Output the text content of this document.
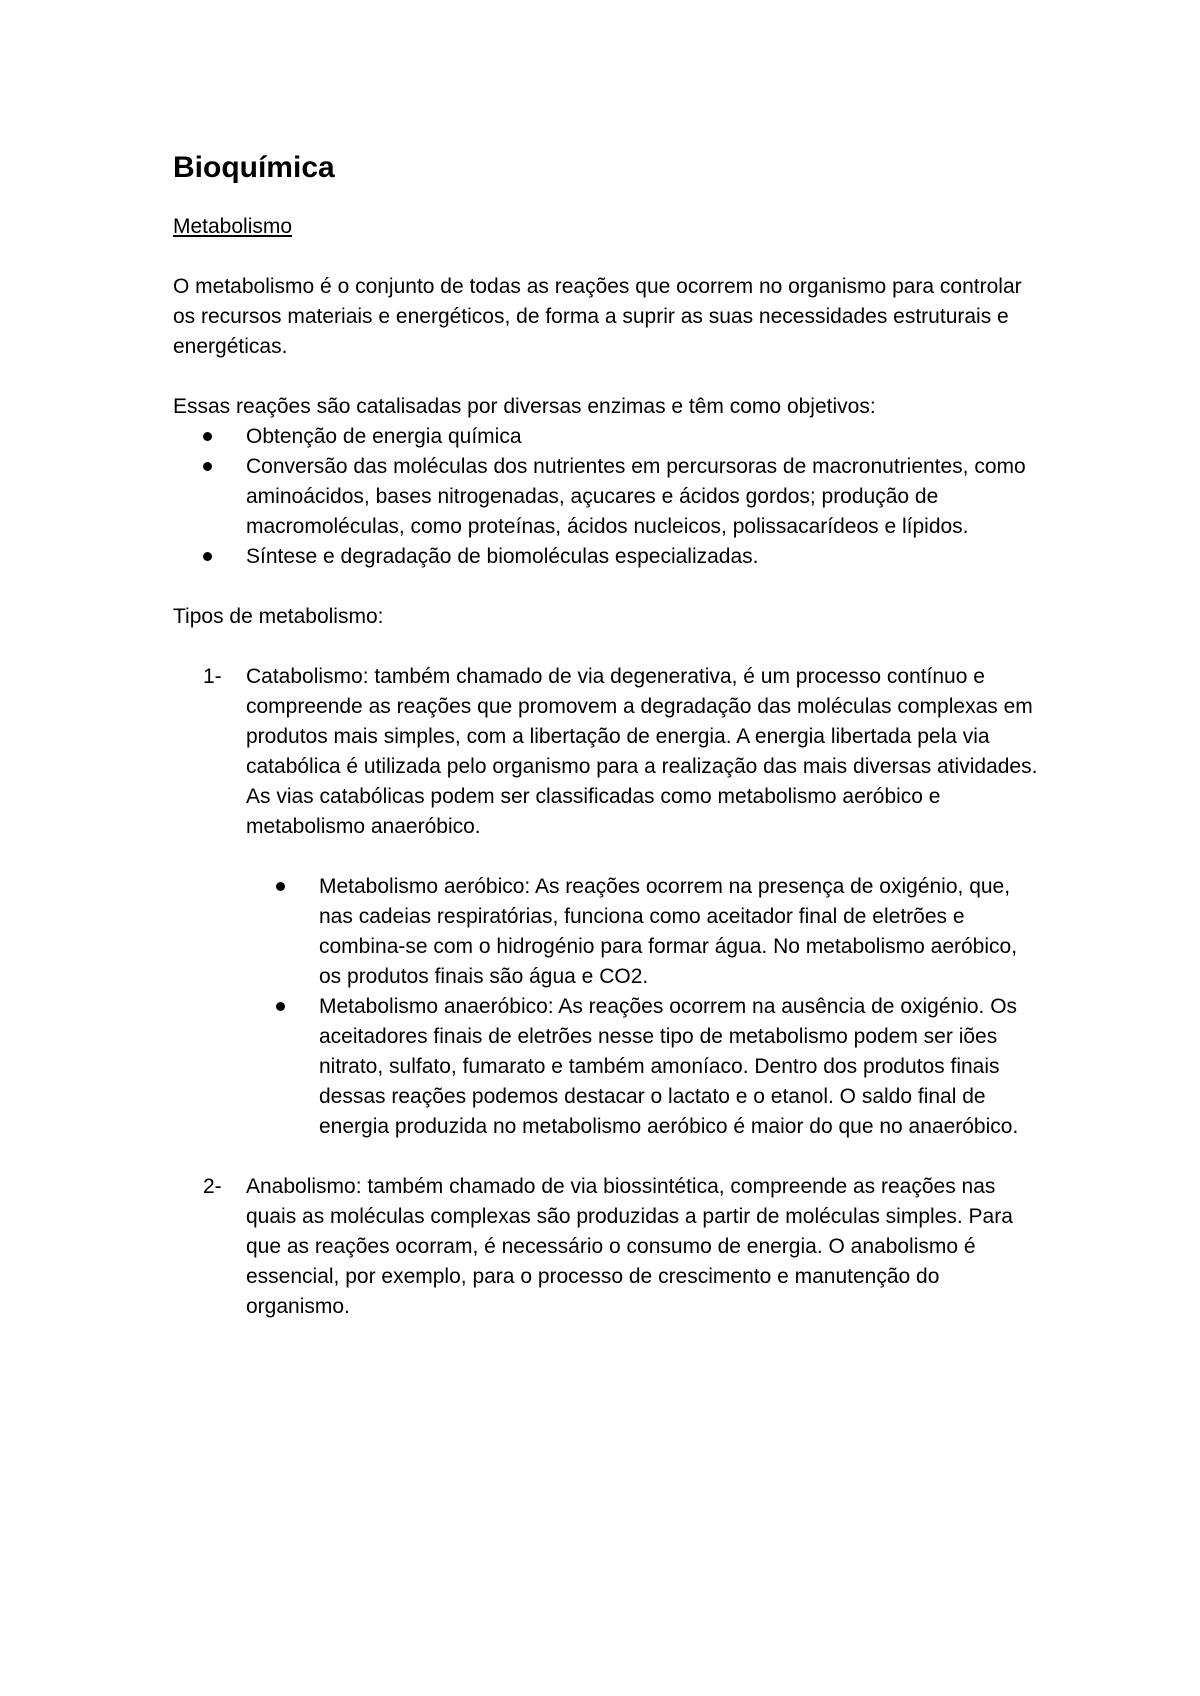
Bioquímica

Metabolismo

O metabolismo é o conjunto de todas as reações que ocorrem no organismo para controlar os recursos materiais e energéticos, de forma a suprir as suas necessidades estruturais e energéticas.

Essas reações são catalisadas por diversas enzimas e têm como objetivos:

Obtenção de energia química
Conversão das moléculas dos nutrientes em percursoras de macronutrientes, como aminoácidos, bases nitrogenadas, açucares e ácidos gordos; produção de macromoléculas, como proteínas, ácidos nucleicos, polissacarídeos e lípidos.
Síntese e degradação de biomoléculas especializadas.

Tipos de metabolismo:

1- Catabolismo: também chamado de via degenerativa, é um processo contínuo e compreende as reações que promovem a degradação das moléculas complexas em produtos mais simples, com a libertação de energia. A energia libertada pela via catabólica é utilizada pelo organismo para a realização das mais diversas atividades. As vias catabólicas podem ser classificadas como metabolismo aeróbico e metabolismo anaeróbico.
Metabolismo aeróbico: As reações ocorrem na presença de oxigénio, que, nas cadeias respiratórias, funciona como aceitador final de eletrões e combina-se com o hidrogénio para formar água. No metabolismo aeróbico, os produtos finais são água e CO2.
Metabolismo anaeróbico: As reações ocorrem na ausência de oxigénio. Os aceitadores finais de eletrões nesse tipo de metabolismo podem ser iões nitrato, sulfato, fumarato e também amoníaco. Dentro dos produtos finais dessas reações podemos destacar o lactato e o etanol. O saldo final de energia produzida no metabolismo aeróbico é maior do que no anaeróbico.
2- Anabolismo: também chamado de via biossintética, compreende as reações nas quais as moléculas complexas são produzidas a partir de moléculas simples. Para que as reações ocorram, é necessário o consumo de energia. O anabolismo é essencial, por exemplo, para o processo de crescimento e manutenção do organismo.
